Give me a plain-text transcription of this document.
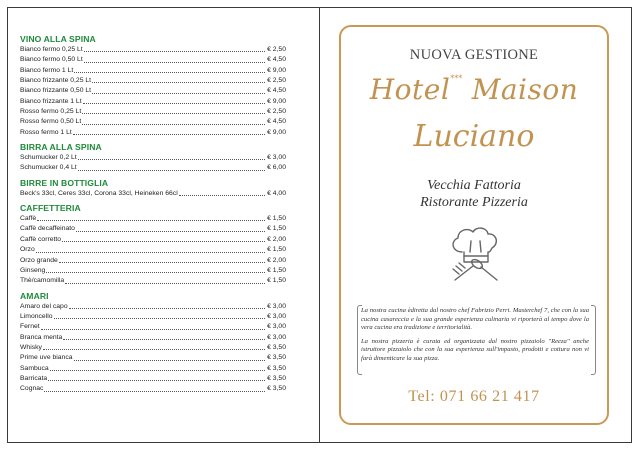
VINO ALLA SPINA
Bianco fermo 0,25 Lt	€ 2,50
Bianco fermo 0,50 Lt	€ 4,50
Bianco fermo 1 Lt	€ 9,00
Bianco frizzante 0,25 Lt	€ 2,50
Bianco frizzante 0,50 Lt	€ 4,50
Bianco frizzante 1 Lt	€ 9,00
Rosso fermo 0,25 Lt	€ 2,50
Rosso fermo 0,50 Lt	€ 4,50
Rosso fermo 1 Lt	€ 9,00
BIRRA ALLA SPINA
Schumucker 0,2 Lt	€ 3,00
Schumucker 0,4 Lt	€ 6,00
BIRRE IN BOTTIGLIA
Beck's 33cl, Ceres 33cl, Corona 33cl, Heineken 66cl	€ 4,00
CAFFETTERIA
Caffè	€ 1,50
Caffè decaffeinato	€ 1,50
Caffè corretto	€ 2,00
Orzo	€ 1,50
Orzo grande	€ 2,00
Ginseng	€ 1,50
Thè/camomilla	€ 1,50
AMARI
Amaro del capo	€ 3,00
Limoncello	€ 3,00
Fernet	€ 3,00
Branca menta	€ 3,00
Whisky	€ 3,50
Prime uve bianca	€ 3,50
Sambuca	€ 3,50
Barricata	€ 3,50
Cognac	€ 3,50
NUOVA GESTIONE
Hotel*** Maison
Luciano
Vecchia Fattoria
Ristorante Pizzeria

La nostra cucina èdiretta dal nostro chef Fabrizio Perri. Masterchef 7, che con la sua cucina casareccia e la sua grande esperienza culinaria vi riporterà al tempo dove la vera cucina era tradizione e territorialità.

La nostra pizzeria è curata ed organizzata dal nostro pizzaiolo "Reeza" anche istruttore pizzaiolo che con la sua esperienza sull'impasto, prodotti e cottura non vi farà dimenticare la sua pizza.

Tel: 071 66 21 417
